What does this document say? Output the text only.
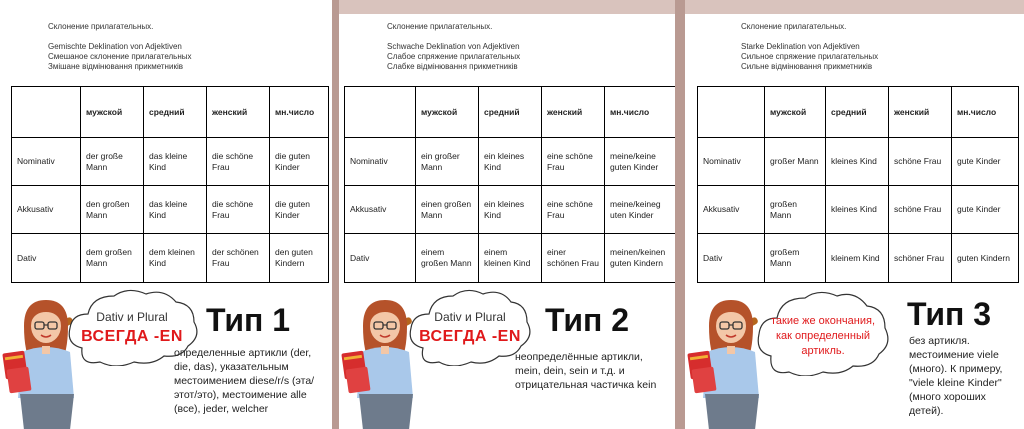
Склонение прилагательных.
Gemischte Deklination von Adjektiven
Смешаное склонение прилагательных
Змішане відмінювання прикметників
	мужской	средний	женский	мн.число
Nominativ	der große Mann	das kleine Kind	die schöne Frau	die guten Kinder
Akkusativ	den großen Mann	das kleine Kind	die schöne Frau	die guten Kinder
Dativ	dem großen Mann	dem kleinen Kind	der schönen Frau	den guten Kindern
Dativ и Plural
ВСЕГДА -EN Тип 1
определенные артикли (der, die, das), указательным местоимением diese/r/s (эта/этот/это), местоимение alle (все), jeder, welcher
Склонение прилагательных.
Schwache Deklination von Adjektiven
Слабое спряжение прилагательных
Слабке відмінювання прикметників
	мужской	средний	женский	мн.число
Nominativ	ein großer Mann	ein kleines Kind	eine schöne Frau	meine/keine guten Kinder
Akkusativ	einen großen Mann	ein kleines Kind	eine schöne Frau	meine/keineg uten Kinder
Dativ	einem großen Mann	einem kleinen Kind	einer schönen Frau	meinen/keinen guten Kindern
Dativ и Plural
ВСЕГДА -EN Тип 2
неопределённые артикли, mein, dein, sein и т.д. и отрицательная частичка kein
Склонение прилагательных.
Starke Deklination von Adjektiven
Сильное спряжение прилагательных
Сильне відмінювання прикметників
	мужской	средний	женский	мн.число
Nominativ	großer Mann	kleines Kind	schöne Frau	gute Kinder
Akkusativ	großen Mann	kleines Kind	schöne Frau	gute Kinder
Dativ	großem Mann	kleinem Kind	schöner Frau	guten Kindern
такие же окончания, как определенный артикль.
Тип 3
без артикля. местоимение viele (много). К примеру, "viele kleine Kinder" (много хороших детей).
